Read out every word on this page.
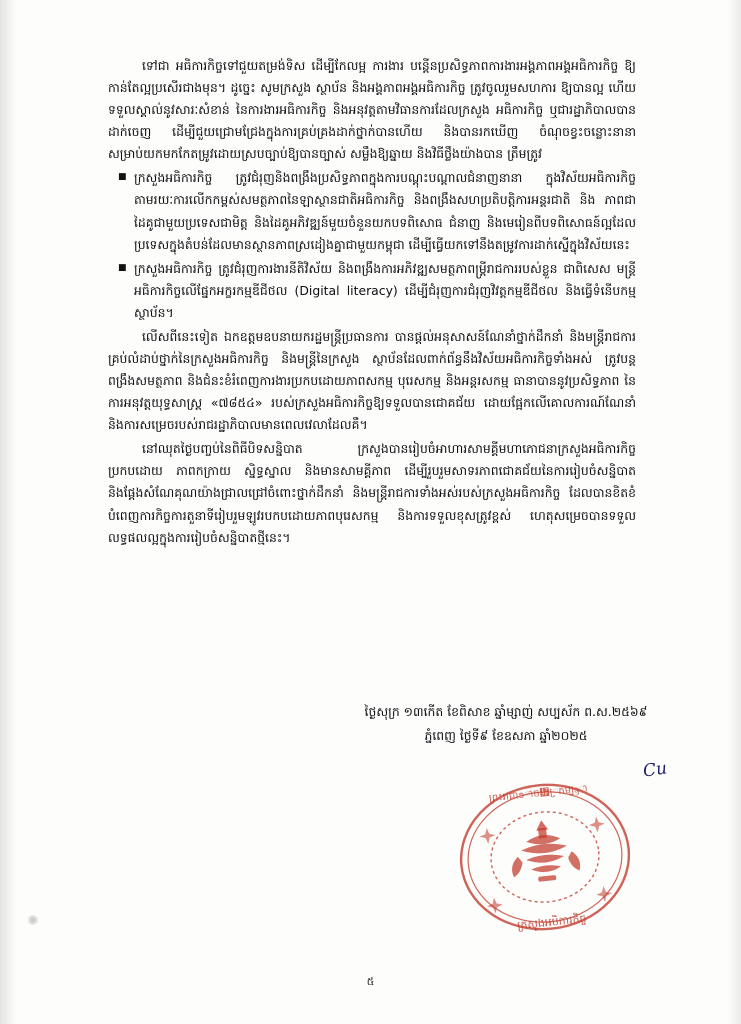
ទៅជា អធិការកិច្ចទៅជួយតម្រង់ទិស ដើម្បីកែលម្អ ការងារ បន្តើនប្រសិទ្ធភាពការងារអង្គភាពអង្គអធិការកិច្ច ឱ្យកាន់តែល្អប្រសើរជាងមុន។ ដូច្នេះ សូមក្រសួង ស្ថាប័ន និងអង្គភាពអង្គអធិការកិច្ច ត្រូវចូលរួមសហការ ឱ្យបានល្អ ហើយទទួលស្គាល់នូវសារៈសំខាន់ នៃការងារអធិការកិច្ច និងអនុវត្តតាមវិធានការដែលក្រសួង អធិការកិច្ច ឬជារដ្ឋាភិបាលបានដាក់ចេញ ដើម្បីជួយជ្រោមជ្រែងក្នុងការគ្រប់គ្រងដាក់ថ្នាក់បានហើយ និងបានរកឃើញ ចំណុចខ្វះចន្លោះនានា សម្រាប់យកមកកែតម្រូវដោយស្របច្បាប់ឱ្យបានច្បាស់ សម្លឹងឱ្យឆ្នាយ និងវិធីថ្លឹងយ៉ាងបាន ត្រឹមត្រូវ

■ ក្រសួងអធិការកិច្ច ត្រូវជំរុញនិងពង្រឹងប្រសិទ្ធភាពក្នុងការបណ្តុះបណ្តាលជំនាញនានា ក្នុងវិស័យអធិការកិច្ច តាមរយៈការលើកកម្ពស់សមត្ថភាពនៃឡាស្ថានជាតិអធិការកិច្ច និងពង្រឹងសហប្រតិបត្តិការអន្តរជាតិ និង ភាពជាដៃគូជាមួយប្រទេសជាមិត្ត និងដៃគូអភិវឌ្ឍន៍មួយចំនួនយកបទពិសោធ ជំនាញ និងមេរៀនពីបទពិសោធន៍ល្អដែលប្រទេសក្នុងតំបន់ដែលមានស្ថានភាពស្រដៀងគ្នាជាមួយកម្ពុជា ដើម្បីធ្វើយកទៅនឹងតម្រូវការដាក់ស្នើក្នុងវិស័យនេះ
■ ក្រសួងអធិការកិច្ច ត្រូវជំរុញការងារនីតិវិស័យ និងពង្រឹងការអភិវឌ្ឍសមត្ថភាពម្ត្រីរាជការរបស់ខ្លួន ជាពិសេស មន្ត្រីអធិការកិច្ចលើផ្នែកអក្ខរកម្មឌីជីថល (Digital literacy) ដើម្បីជំរុញការជំរុញវិវត្តកម្មឌីជីថល និងធ្វើទំនើបកម្មស្ថាប័ន។

លើសពីនេះទៀត ឯកឧត្តមឧបនាយករដ្ឋមន្ត្រីប្រធានការ បានផ្តល់អនុសាសន៍ណែនាំថ្នាក់ដឹកនាំ និងមន្ត្រីរាជការ គ្រប់លំដាប់ថ្នាក់នៃក្រសួងអធិការកិច្ច និងមន្ត្រីនៃក្រសួង ស្ថាប័នដែលពាក់ព័ន្ធនឹងវិស័យអធិការកិច្ចទាំងអស់ ត្រូវបន្តពង្រឹងសមត្ថភាព និងជំនះខំរំពេញការងារប្រកបដោយភាពសកម្ម បុរេសកម្ម និងអន្តរសកម្ម ធានាបាននូវប្រសិទ្ធភាព នៃការអនុវត្តយុទ្ធសាស្ត្រ «៧៨៥៤» របស់ក្រសួងអធិការកិច្ចឱ្យទទួលបានជោគជ័យ ដោយផ្អែកលើគោលការណ៍ណែនាំ និងការសម្រេចរបស់រាជរដ្ឋាភិបាលមានពេលវេលាដែលគឺ។

នៅឈុតថ្ងៃបញ្ចប់នៃពិធីបិទសន្និបាត ក្រសួងបានរៀបចំអាហារសាមគ្គីមហាភោជនាក្រសួងអធិការកិច្ច ប្រកបដោយ ភាពកក្រាយ ស្និទ្ធស្នាល និងមានសាមគ្គីភាព ដើម្បីរួបរួមសាទរភាពជោគជ័យនៃការរៀបចំសន្និបាត និងផ្តែងសំណែគុណយ៉ាងជ្រាលជ្រៅចំពោះថ្នាក់ដឹកនាំ និងមន្ត្រីរាជការទាំងអស់របស់ក្រសួងអធិការកិច្ច ដែលបានខិតខំបំពេញការកិច្ចការតួនាទីរៀបរួមឡូវរបកបដោយភាពបុរេសកម្ម និងការទទួលខុសត្រូវខ្ពស់ ហេតុសម្រេចបានទទួលលទ្ធផលល្អក្នុងការរៀបចំសន្និបាតថ្មីនេះ។

ថ្ងៃសុក្រ ១៣កើត ខែពិសាខ ឆ្នាំម្សាញ់ សប្បស័ក ព.ស.២៥៦៩
ភ្នំពេញ ថ្ងៃទី៩ ខែឧសភា ឆ្នាំ២០២៥
Cu
ព្រះរាជា᪁ាច᝿្រកម្បᦃា
ក្រសូងអបិការកិច្ច
៥
